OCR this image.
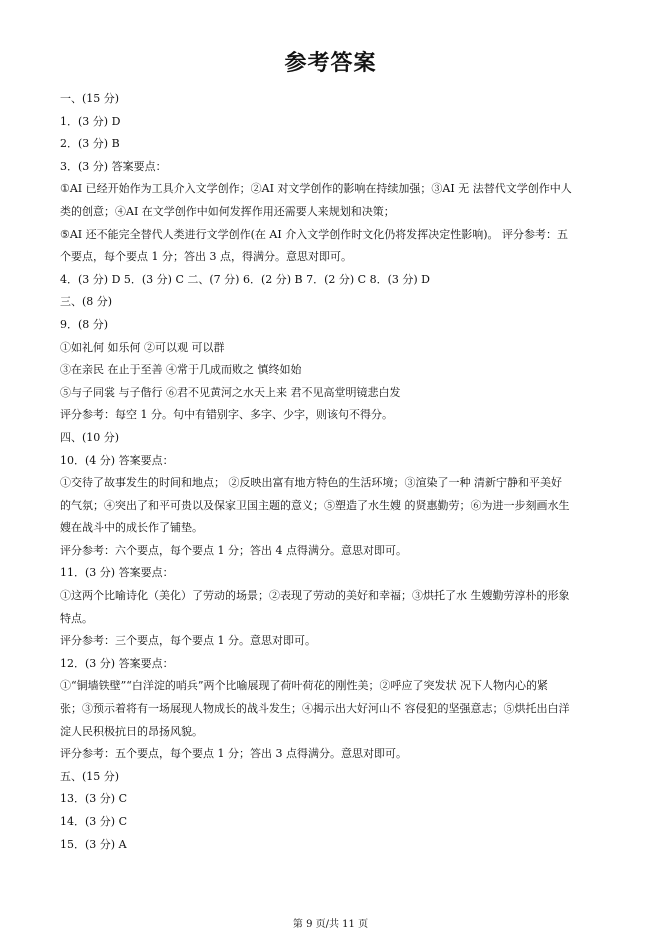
参考答案
一、(15 分)
1．(3 分) D
2．(3 分) B
3．(3 分) 答案要点：
①AI 已经开始作为工具介入文学创作；②AI 对文学创作的影响在持续加强；③AI 无 法替代文学创作中人
类的创意；④AI 在文学创作中如何发挥作用还需要人来规划和决策；
⑤AI 还不能完全替代人类进行文学创作(在 AI 介入文学创作时文化仍将发挥决定性影响)。 评分参考：五
个要点，每个要点 1 分；答出 3 点，得满分。意思对即可。
4．(3 分) D 5．(3 分) C 二、(7 分) 6．(2 分) B 7．(2 分) C 8．(3 分) D
三、(8 分)
9．(8 分)
①如礼何 如乐何 ②可以观 可以群
③在亲民 在止于至善 ④常于几成而败之 慎终如始
⑤与子同裳 与子偕行 ⑥君不见黄河之水天上来 君不见高堂明镜悲白发
评分参考：每空 1 分。句中有错别字、多字、少字，则该句不得分。
四、(10 分)
10．(4 分) 答案要点：
①交待了故事发生的时间和地点； ②反映出富有地方特色的生活环境；③渲染了一种 清新宁静和平美好
的气氛；④突出了和平可贵以及保家卫国主题的意义；⑤塑造了水生嫂 的贤惠勤劳；⑥为进一步刻画水生
嫂在战斗中的成长作了铺垫。
评分参考：六个要点，每个要点 1 分；答出 4 点得满分。意思对即可。
11．(3 分) 答案要点：
①这两个比喻诗化（美化）了劳动的场景；②表现了劳动的美好和幸福；③烘托了水 生嫂勤劳淳朴的形象
特点。
评分参考：三个要点，每个要点 1 分。意思对即可。
12．(3 分) 答案要点：
①“铜墙铁壁”“白洋淀的哨兵”两个比喻展现了荷叶荷花的刚性美；②呼应了突发状 况下人物内心的紧
张；③预示着将有一场展现人物成长的战斗发生；④揭示出大好河山不 容侵犯的坚强意志；⑤烘托出白洋
淀人民积极抗日的昂扬风貌。
评分参考：五个要点，每个要点 1 分；答出 3 点得满分。意思对即可。
五、(15 分)
13．(3 分) C
14．(3 分) C
15．(3 分) A
第 9 页/共 11 页
